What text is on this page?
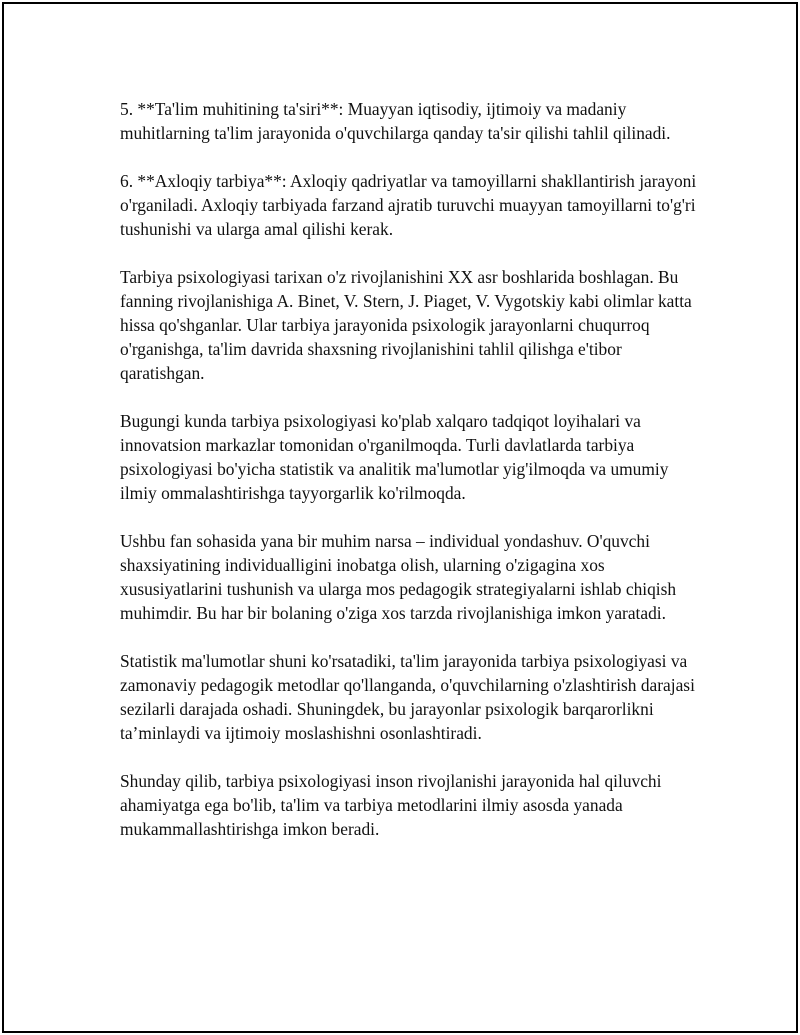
5. **Ta'lim muhitining ta'siri**: Muayyan iqtisodiy, ijtimoiy va madaniy muhitlarning ta'lim jarayonida o'quvchilarga qanday ta'sir qilishi tahlil qilinadi.

6. **Axloqiy tarbiya**: Axloqiy qadriyatlar va tamoyillarni shakllantirish jarayoni o'rganiladi. Axloqiy tarbiyada farzand ajratib turuvchi muayyan tamoyillarni to'g'ri tushunishi va ularga amal qilishi kerak.

Tarbiya psixologiyasi tarixan o'z rivojlanishini XX asr boshlarida boshlagan. Bu fanning rivojlanishiga A. Binet, V. Stern, J. Piaget, V. Vygotskiy kabi olimlar katta hissa qo'shganlar. Ular tarbiya jarayonida psixologik jarayonlarni chuqurroq o'rganishga, ta'lim davrida shaxsning rivojlanishini tahlil qilishga e'tibor qaratishgan.

Bugungi kunda tarbiya psixologiyasi ko'plab xalqaro tadqiqot loyihalari va innovatsion markazlar tomonidan o'rganilmoqda. Turli davlatlarda tarbiya psixologiyasi bo'yicha statistik va analitik ma'lumotlar yig'ilmoqda va umumiy ilmiy ommalashtirishga tayyorgarlik ko'rilmoqda.

Ushbu fan sohasida yana bir muhim narsa – individual yondashuv. O'quvchi shaxsiyatining individualligini inobatga olish, ularning o'zigagina xos xususiyatlarini tushunish va ularga mos pedagogik strategiyalarni ishlab chiqish muhimdir. Bu har bir bolaning o'ziga xos tarzda rivojlanishiga imkon yaratadi.

Statistik ma'lumotlar shuni ko'rsatadiki, ta'lim jarayonida tarbiya psixologiyasi va zamonaviy pedagogik metodlar qo'llanganda, o'quvchilarning o'zlashtirish darajasi sezilarli darajada oshadi. Shuningdek, bu jarayonlar psixologik barqarorlikni ta’minlaydi va ijtimoiy moslashishni osonlashtiradi.

Shunday qilib, tarbiya psixologiyasi inson rivojlanishi jarayonida hal qiluvchi ahamiyatga ega bo'lib, ta'lim va tarbiya metodlarini ilmiy asosda yanada mukammallashtirishga imkon beradi.
